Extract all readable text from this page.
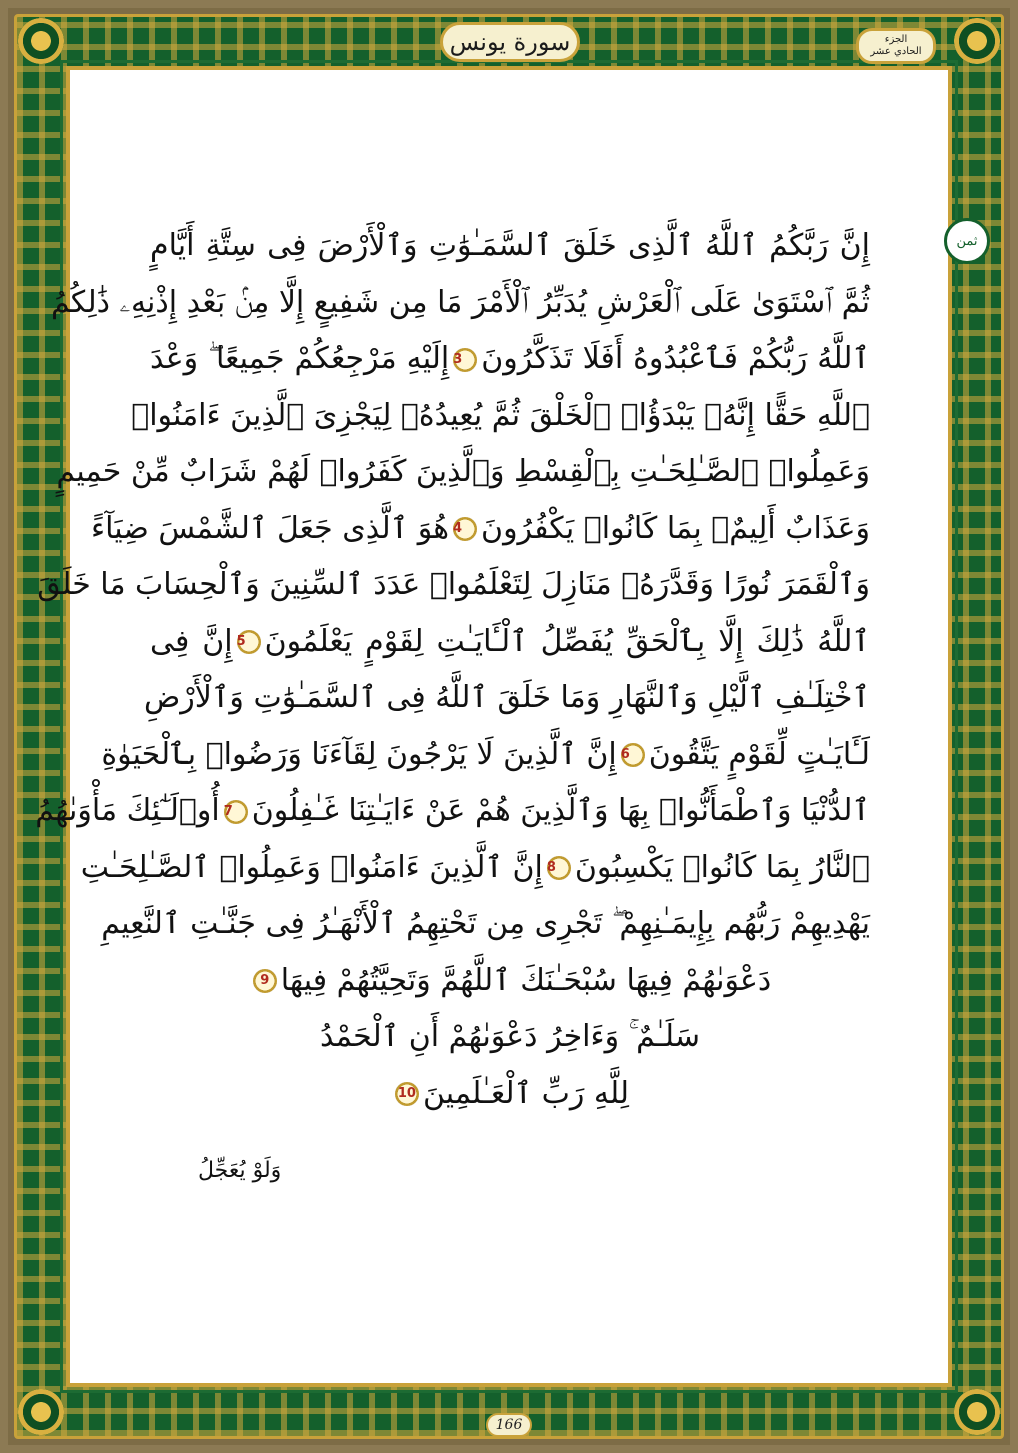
سورة يونس	الجزء
الحادي عشر
ثمن
إِنَّ رَبَّكُمُ ٱللَّهُ ٱلَّذِى خَلَقَ ٱلسَّمَـٰوَٰتِ وَٱلْأَرْضَ فِى سِتَّةِ أَيَّامٍ
ثُمَّ ٱسْتَوَىٰ عَلَى ٱلْعَرْشِ يُدَبِّرُ ٱلْأَمْرَ مَا مِن شَفِيعٍ إِلَّا مِنۢ بَعْدِ إِذْنِهِۦ ذَٰلِكُمُ
ٱللَّهُ رَبُّكُمْ فَٱعْبُدُوهُ أَفَلَا تَذَكَّرُونَ3إِلَيْهِ مَرْجِعُكُمْ جَمِيعًا ۖ وَعْدَ
ٱللَّهِ حَقًّا إِنَّهُۥ يَبْدَؤُا۟ ٱلْخَلْقَ ثُمَّ يُعِيدُهُۥ لِيَجْزِىَ ٱلَّذِينَ ءَامَنُوا۟
وَعَمِلُوا۟ ٱلصَّـٰلِحَـٰتِ بِٱلْقِسْطِ وَٱلَّذِينَ كَفَرُوا۟ لَهُمْ شَرَابٌ مِّنْ حَمِيمٍ
وَعَذَابٌ أَلِيمٌۢ بِمَا كَانُوا۟ يَكْفُرُونَ4هُوَ ٱلَّذِى جَعَلَ ٱلشَّمْسَ ضِيَآءً
وَٱلْقَمَرَ نُورًا وَقَدَّرَهُۥ مَنَازِلَ لِتَعْلَمُوا۟ عَدَدَ ٱلسِّنِينَ وَٱلْحِسَابَ مَا خَلَقَ
ٱللَّهُ ذَٰلِكَ إِلَّا بِٱلْحَقِّ يُفَصِّلُ ٱلْـَٔايَـٰتِ لِقَوْمٍ يَعْلَمُونَ5إِنَّ فِى
ٱخْتِلَـٰفِ ٱلَّيْلِ وَٱلنَّهَارِ وَمَا خَلَقَ ٱللَّهُ فِى ٱلسَّمَـٰوَٰتِ وَٱلْأَرْضِ
لَـَٔايَـٰتٍ لِّقَوْمٍ يَتَّقُونَ6إِنَّ ٱلَّذِينَ لَا يَرْجُونَ لِقَآءَنَا وَرَضُوا۟ بِٱلْحَيَوٰةِ
ٱلدُّنْيَا وَٱطْمَأَنُّوا۟ بِهَا وَٱلَّذِينَ هُمْ عَنْ ءَايَـٰتِنَا غَـٰفِلُونَ7أُو۟لَـٰٓئِكَ مَأْوَىٰهُمُ
ٱلنَّارُ بِمَا كَانُوا۟ يَكْسِبُونَ8إِنَّ ٱلَّذِينَ ءَامَنُوا۟ وَعَمِلُوا۟ ٱلصَّـٰلِحَـٰتِ
يَهْدِيهِمْ رَبُّهُم بِإِيمَـٰنِهِمْ ۖ تَجْرِى مِن تَحْتِهِمُ ٱلْأَنْهَـٰرُ فِى جَنَّـٰتِ ٱلنَّعِيمِ
دَعْوَىٰهُمْ فِيهَا سُبْحَـٰنَكَ ٱللَّهُمَّ وَتَحِيَّتُهُمْ فِيهَا9
سَلَـٰمٌ ۚ وَءَاخِرُ دَعْوَىٰهُمْ أَنِ ٱلْحَمْدُ
لِلَّهِ رَبِّ ٱلْعَـٰلَمِينَ10
وَلَوْ يُعَجِّلُ
166
